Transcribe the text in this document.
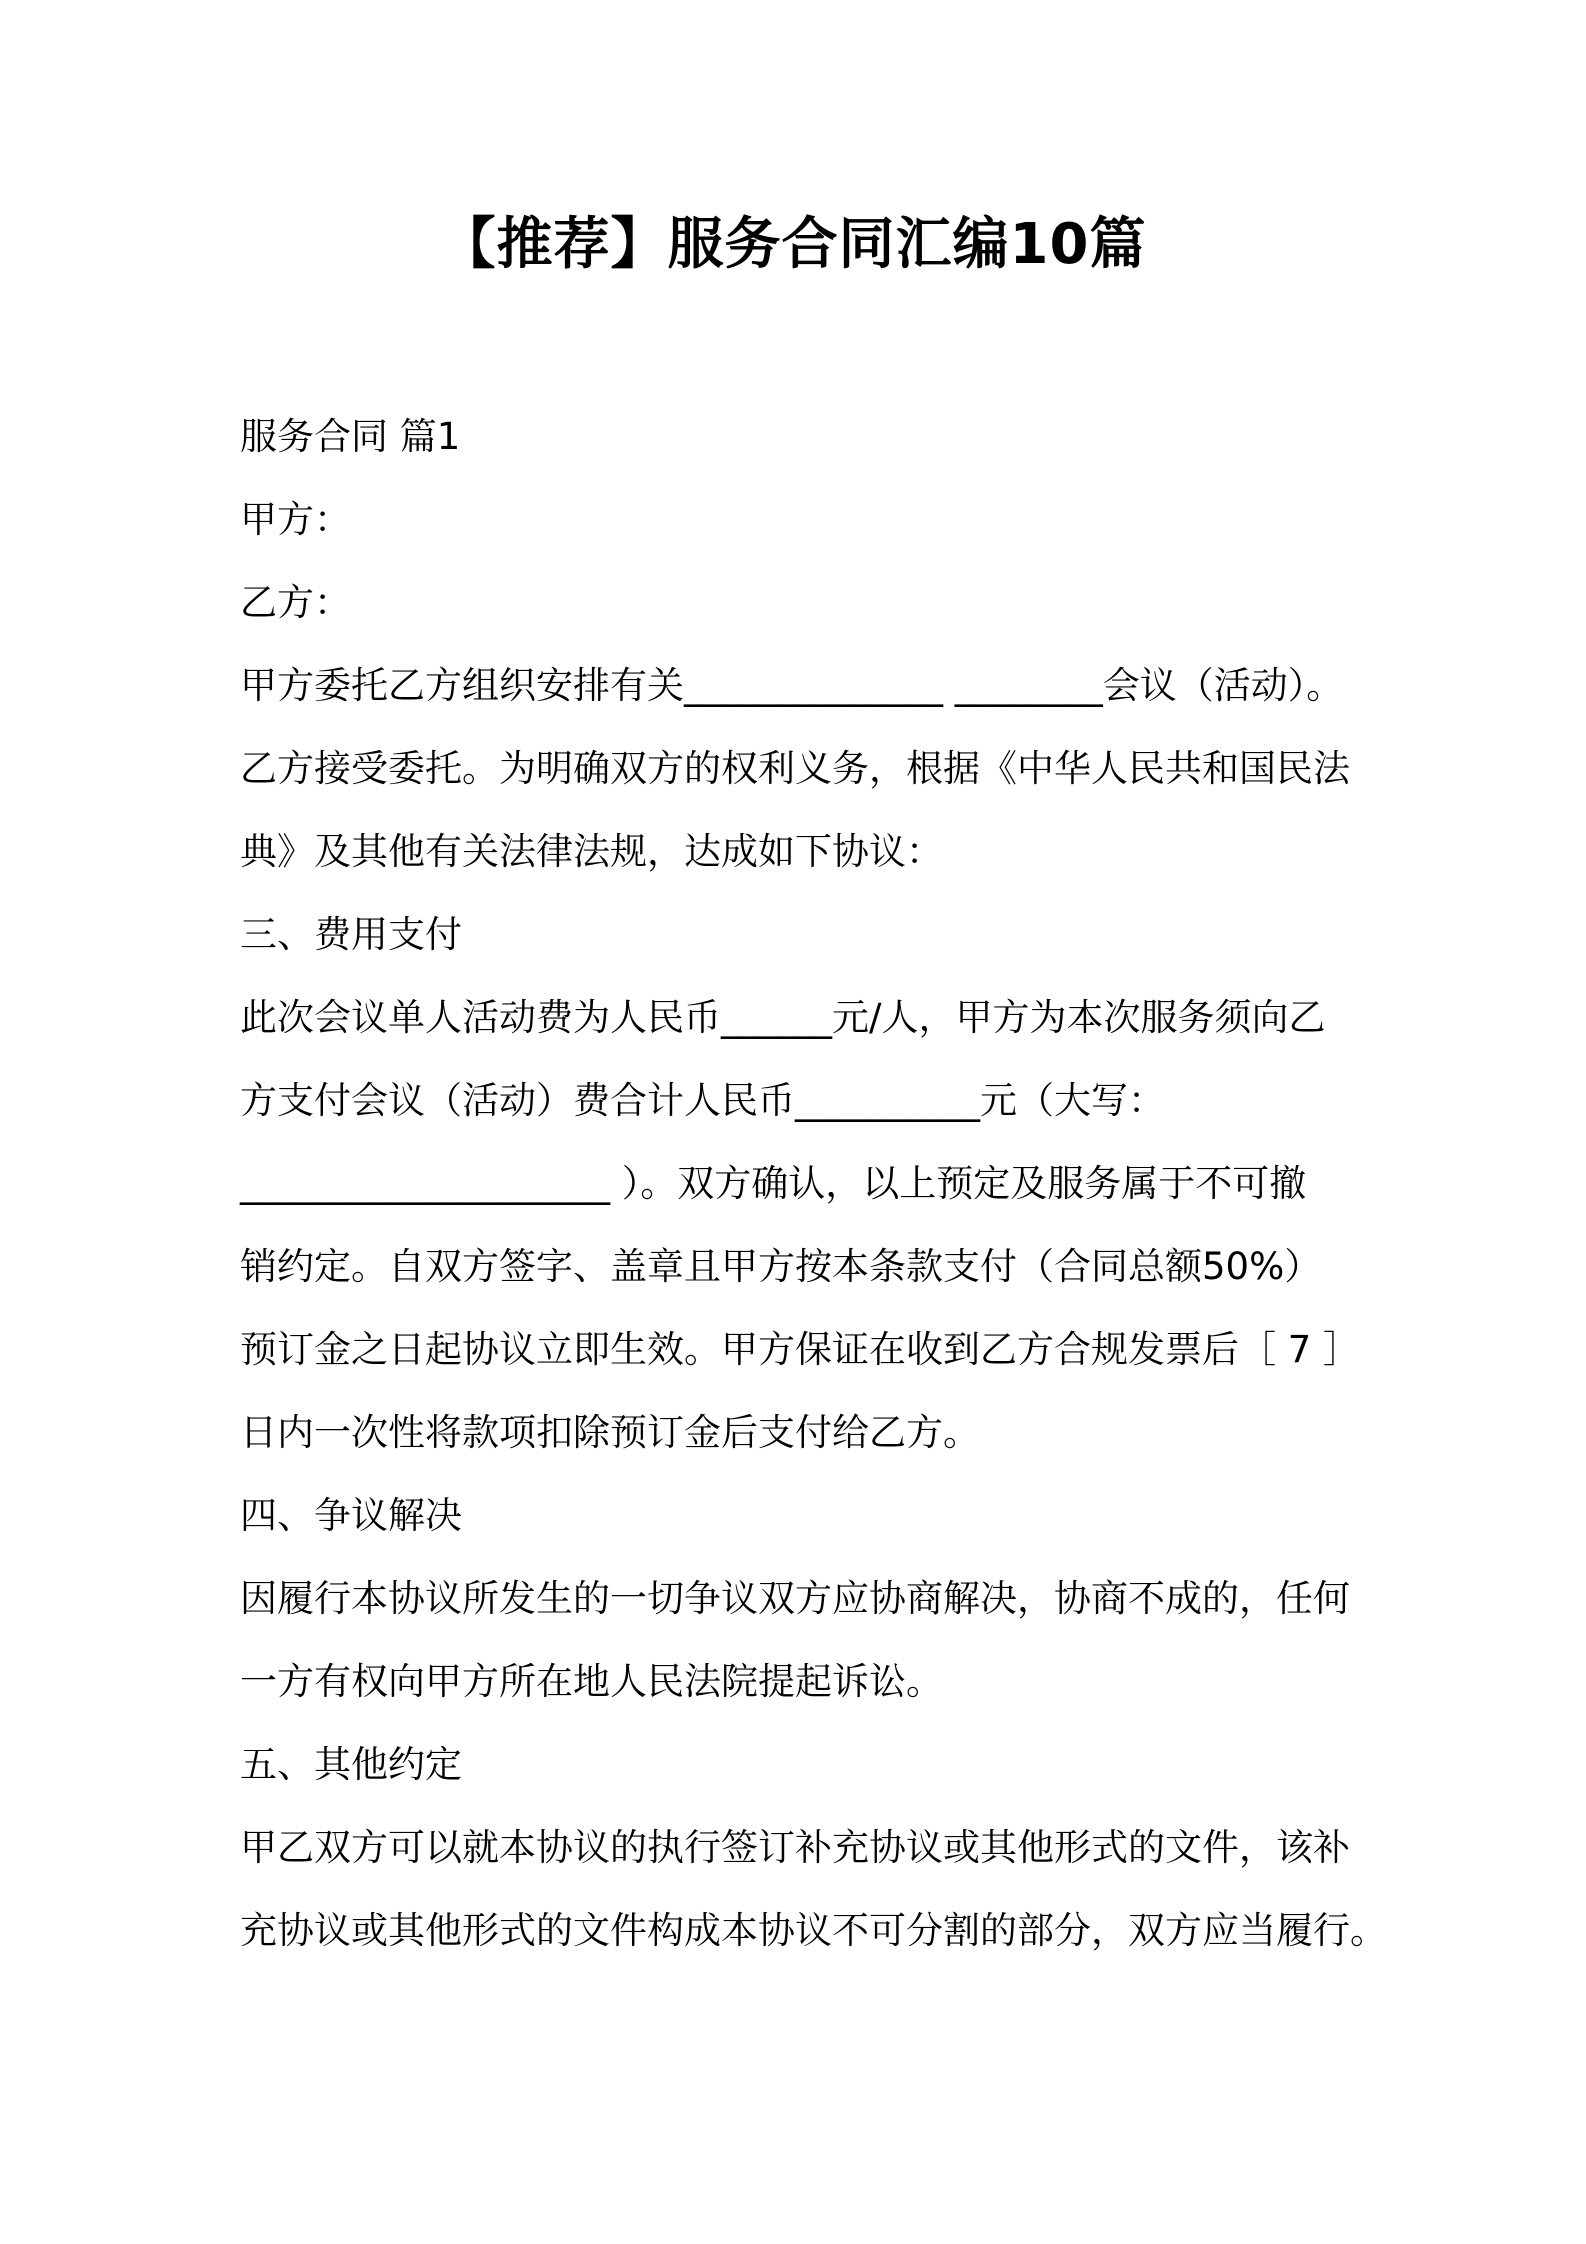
【推荐】服务合同汇编10篇

服务合同 篇1

甲方：

乙方：

甲方委托乙方组织安排有关______________ ________会议（活动）。

乙方接受委托。为明确双方的权利义务，根据《中华人民共和国民法

典》及其他有关法律法规，达成如下协议：

三、费用支付

此次会议单人活动费为人民币______元/人，甲方为本次服务须向乙

方支付会议（活动）费合计人民币__________元（大写：

____________________ ）。双方确认，以上预定及服务属于不可撤

销约定。自双方签字、盖章且甲方按本条款支付（合同总额50%）

预订金之日起协议立即生效。甲方保证在收到乙方合规发票后［ 7 ］

日内一次性将款项扣除预订金后支付给乙方。

四、争议解决

因履行本协议所发生的一切争议双方应协商解决，协商不成的，任何

一方有权向甲方所在地人民法院提起诉讼。

五、其他约定

甲乙双方可以就本协议的执行签订补充协议或其他形式的文件，该补

充协议或其他形式的文件构成本协议不可分割的部分，双方应当履行。
